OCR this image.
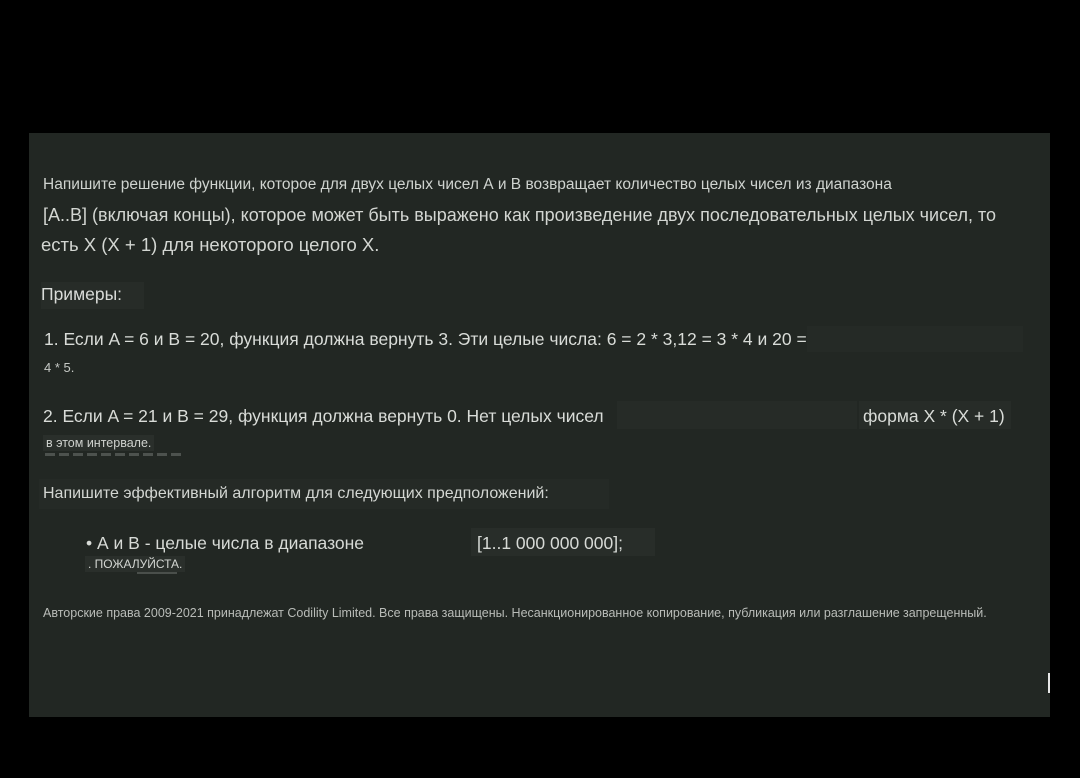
Напишите решение функции, которое для двух целых чисел А и В возвращает количество целых чисел из диапазона

[A..B] (включая концы), которое может быть выражено как произведение двух последовательных целых чисел, то

есть X (X + 1) для некоторого целого X.

Примеры:

1. Если A = 6 и B = 20, функция должна вернуть 3. Эти целые числа: 6 = 2 * 3,12 = 3 * 4 и 20 =

4 * 5.

2. Если A = 21 и B = 29, функция должна вернуть 0. Нет целых чисел	форма X * (X + 1)

в этом интервале.

Напишите эффективный алгоритм для следующих предположений:

• А и B - целые числа в диапазоне	[1..1 000 000 000];

. ПОЖАЛУЙСТА.

Авторские права 2009-2021 принадлежат Codility Limited. Все права защищены. Несанкционированное копирование, публикация или разглашение запрещенный.
